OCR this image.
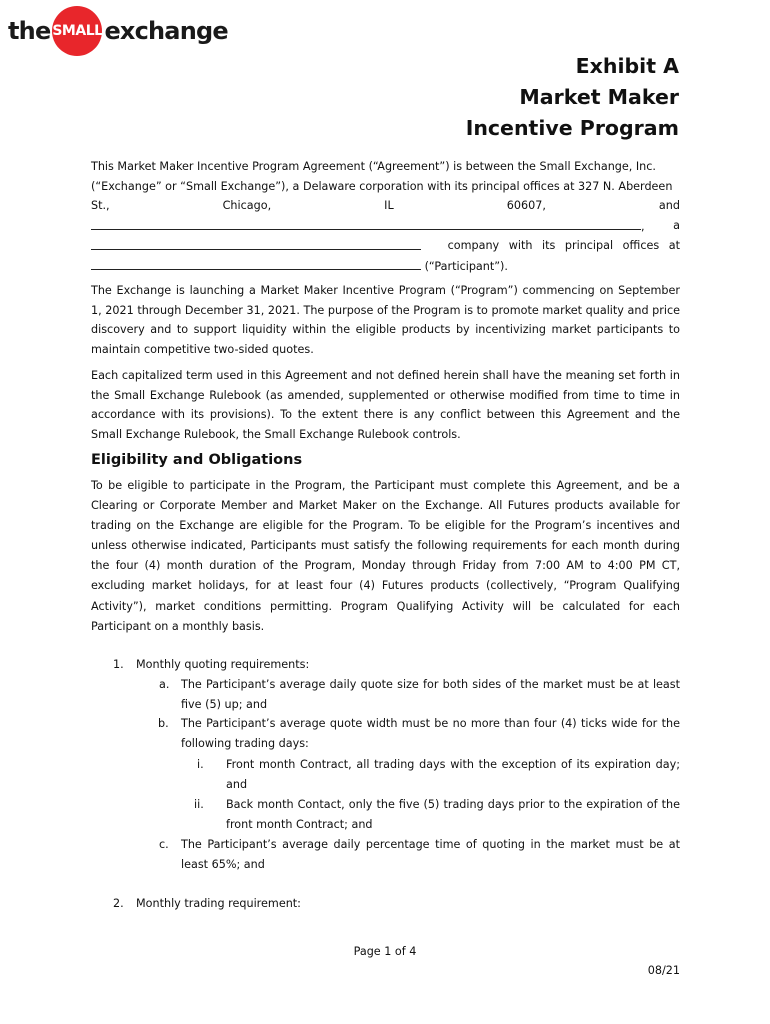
the SMALL exchange
Exhibit A
Market Maker
Incentive Program
This Market Maker Incentive Program Agreement (“Agreement”) is between the Small Exchange, Inc.
(“Exchange” or “Small Exchange”), a Delaware corporation with its principal offices at 327 N. Aberdeen
St.,	Chicago,	IL	60607,	and
,	a
company with its principal offices at
(“Participant”).
The Exchange is launching a Market Maker Incentive Program (“Program”) commencing on September 1, 2021 through December 31, 2021. The purpose of the Program is to promote market quality and price discovery and to support liquidity within the eligible products by incentivizing market participants to maintain competitive two-sided quotes.
Each capitalized term used in this Agreement and not defined herein shall have the meaning set forth in the Small Exchange Rulebook (as amended, supplemented or otherwise modified from time to time in accordance with its provisions). To the extent there is any conflict between this Agreement and the Small Exchange Rulebook, the Small Exchange Rulebook controls.
Eligibility and Obligations
To be eligible to participate in the Program, the Participant must complete this Agreement, and be a Clearing or Corporate Member and Market Maker on the Exchange. All Futures products available for trading on the Exchange are eligible for the Program. To be eligible for the Program’s incentives and unless otherwise indicated, Participants must satisfy the following requirements for each month during the four (4) month duration of the Program, Monday through Friday from 7:00 AM to 4:00 PM CT, excluding market holidays, for at least four (4) Futures products (collectively, “Program Qualifying Activity”), market conditions permitting. Program Qualifying Activity will be calculated for each Participant on a monthly basis.
1. Monthly quoting requirements:
a. The Participant’s average daily quote size for both sides of the market must be at least five (5) up; and
b. The Participant’s average quote width must be no more than four (4) ticks wide for the following trading days:
i. Front month Contract, all trading days with the exception of its expiration day; and
ii. Back month Contact, only the five (5) trading days prior to the expiration of the front month Contract; and
c. The Participant’s average daily percentage time of quoting in the market must be at least 65%; and
2. Monthly trading requirement:
Page 1 of 4
08/21
